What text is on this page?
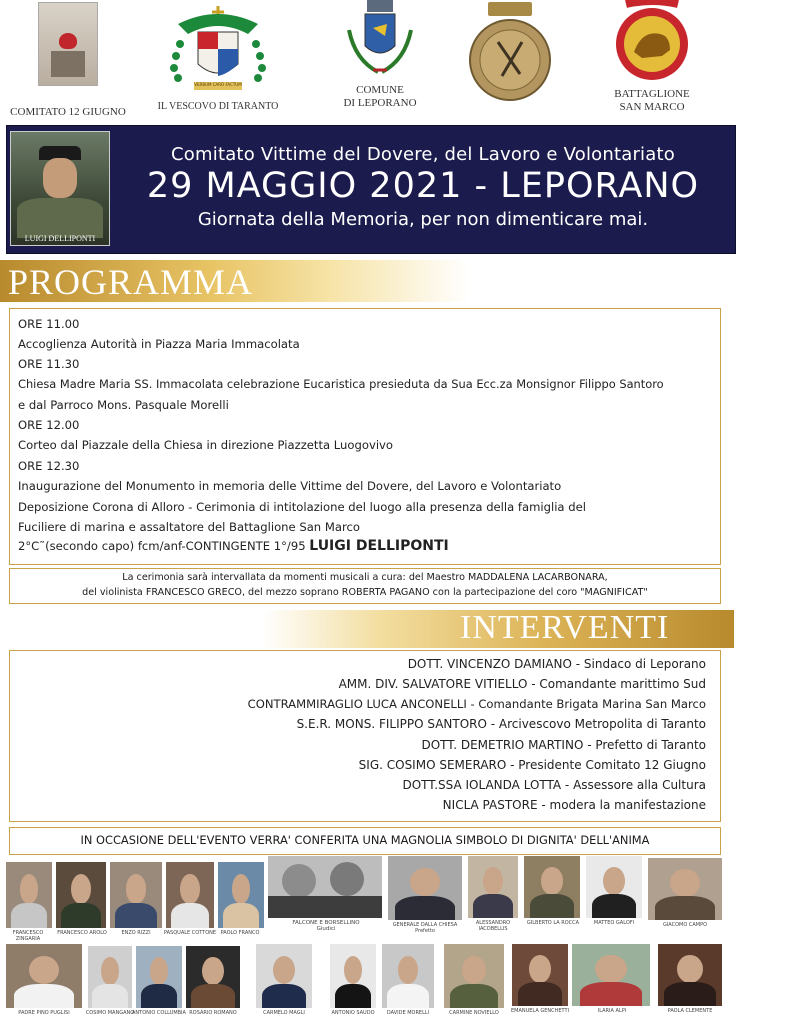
COMITATO 12 GIUGNO
VERBUM CARO FACTUM
IL VESCOVO DI TARANTO
COMUNE
DI LEPORANO
BATTAGLIONE
SAN MARCO
LUIGI DELLIPONTI
Comitato Vittime del Dovere, del Lavoro e Volontariato
29 MAGGIO 2021 - LEPORANO
Giornata della Memoria, per non dimenticare mai.
PROGRAMMA
ORE 11.00
Accoglienza Autorità in Piazza Maria Immacolata
ORE 11.30
Chiesa Madre Maria SS. Immacolata celebrazione Eucaristica presieduta da Sua Ecc.za Monsignor Filippo Santoro
e dal Parroco Mons. Pasquale Morelli
ORE 12.00
Corteo dal Piazzale della Chiesa in direzione Piazzetta Luogovivo
ORE 12.30
Inaugurazione del Monumento in memoria delle Vittime del Dovere, del Lavoro e Volontariato
Deposizione Corona di Alloro - Cerimonia di intitolazione del luogo alla presenza della famiglia del
Fuciliere di marina e assaltatore del Battaglione San Marco
2°C˜(secondo capo) fcm/anf-CONTINGENTE 1°/95 LUIGI DELLIPONTI
La cerimonia sarà intervallata da momenti musicali a cura: del Maestro MADDALENA LACARBONARA,
del violinista FRANCESCO GRECO, del mezzo soprano ROBERTA PAGANO con la partecipazione del coro "MAGNIFICAT"
INTERVENTI
DOTT. VINCENZO DAMIANO - Sindaco di Leporano
AMM. DIV. SALVATORE VITIELLO - Comandante marittimo Sud
CONTRAMMIRAGLIO LUCA ANCONELLI - Comandante Brigata Marina San Marco
S.E.R. MONS. FILIPPO SANTORO - Arcivescovo Metropolita di Taranto
DOTT. DEMETRIO MARTINO - Prefetto di Taranto
SIG. COSIMO SEMERARO - Presidente Comitato 12 Giugno
DOTT.SSA IOLANDA LOTTA - Assessore alla Cultura
NICLA PASTORE - modera la manifestazione
IN OCCASIONE DELL'EVENTO VERRA' CONFERITA UNA MAGNOLIA SIMBOLO DI DIGNITA' DELL'ANIMA
FRANCESCO ZINGARIA
FRANCESCO AROLO	ENZO RIZZI	PASQUALE COTTONE PAOLO FRANCO
FALCONE E BORSELLINO
Giudici
GENERALE DALLA CHIESA
Prefetto
ALESSANDRO IACOBELLIS
GILBERTO LA ROCCA	MATTEO GALOFI	GIACOMO CAMPO
PADRE PINO PUGLISI	COSIMO MANGANO
ANTONIO COLLUMBIA ROSARIO ROMANO	CARMELO MAGLI	ANTONIO SAUDO	DAVIDE MORELLI	CARMINE NOVIELLO	EMANUELA GENCHETTI	ILARIA ALPI	PAOLA CLEMENTE
